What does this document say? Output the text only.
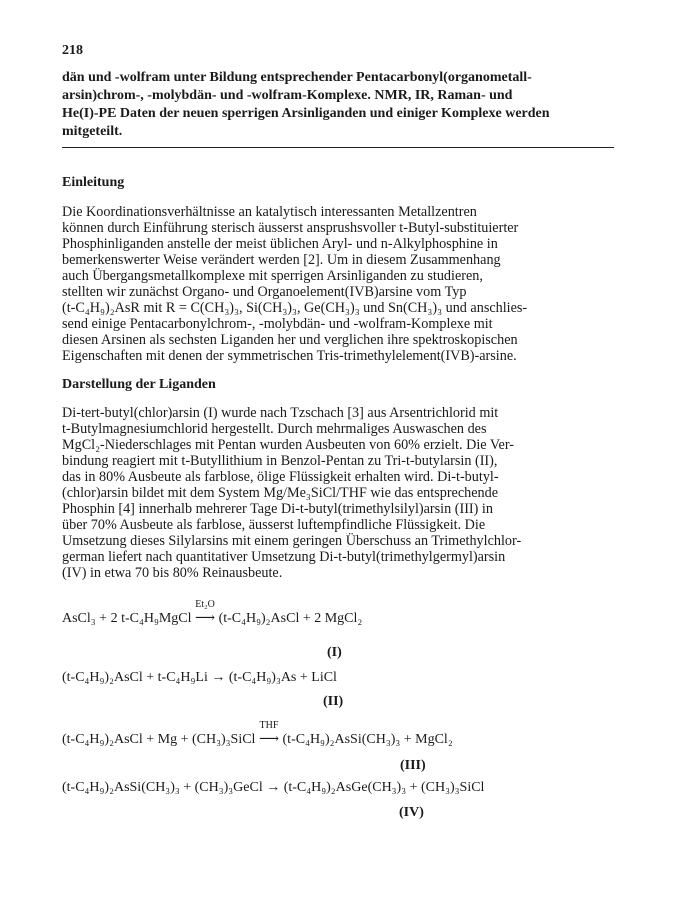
218
dän und -wolfram unter Bildung entsprechender Pentacarbonyl(organometall-
arsin)chrom-, -molybdän- und -wolfram-Komplexe. NMR, IR, Raman- und
He(I)-PE Daten der neuen sperrigen Arsinliganden und einiger Komplexe werden
mitgeteilt.
Einleitung
Die Koordinationsverhältnisse an katalytisch interessanten Metallzentren
können durch Einführung sterisch äusserst ansprushsvoller t-Butyl-substituierter
Phosphinliganden anstelle der meist üblichen Aryl- und n-Alkylphosphine in
bemerkenswerter Weise verändert werden [2]. Um in diesem Zusammenhang
auch Übergangsmetallkomplexe mit sperrigen Arsinliganden zu studieren,
stellten wir zunächst Organo- und Organoelement(IVB)arsine vom Typ
(t-C₄H₉)₂AsR mit R = C(CH₃)₃, Si(CH₃)₃, Ge(CH₃)₃ und Sn(CH₃)₃ und anschlies-
send einige Pentacarbonylchrom-, -molybdän- und -wolfram-Komplexe mit
diesen Arsinen als sechsten Liganden her und verglichen ihre spektroskopischen
Eigenschaften mit denen der symmetrischen Tris-trimethylelement(IVB)-arsine.
Darstellung der Liganden
Di-tert-butyl(chlor)arsin (I) wurde nach Tzschach [3] aus Arsentrichlorid mit
t-Butylmagnesiumchlorid hergestellt. Durch mehrmaliges Auswaschen des
MgCl₂-Niederschlages mit Pentan wurden Ausbeuten von 60% erzielt. Die Ver-
bindung reagiert mit t-Butyllithium in Benzol-Pentan zu Tri-t-butylarsin (II),
das in 80% Ausbeute als farblose, ölige Flüssigkeit erhalten wird. Di-t-butyl-
(chlor)arsin bildet mit dem System Mg/Me₃SiCl/THF wie das entsprechende
Phosphin [4] innerhalb mehrerer Tage Di-t-butyl(trimethylsilyl)arsin (III) in
über 70% Ausbeute als farblose, äusserst luftempfindliche Flüssigkeit. Die
Umsetzung dieses Silylarsins mit einem geringen Überschuss an Trimethylchlor-
german liefert nach quantitativer Umsetzung Di-t-butyl(trimethylgermyl)arsin
(IV) in etwa 70 bis 80% Reinausbeute.
AsCl₃ + 2 t-C₄H₉MgCl
Et₂O
⟶ (t-C₄H₉)₂AsCl + 2 MgCl₂
(I)
(t-C₄H₉)₂AsCl + t-C₄H₉Li → (t-C₄H₉)₃As + LiCl
(II)
(t-C₄H₉)₂AsCl + Mg + (CH₃)₃SiCl
THF
⟶ (t-C₄H₉)₂AsSi(CH₃)₃ + MgCl₂
(III)
(t-C₄H₉)₂AsSi(CH₃)₃ + (CH₃)₃GeCl → (t-C₄H₉)₂AsGe(CH₃)₃ + (CH₃)₃SiCl
(IV)
